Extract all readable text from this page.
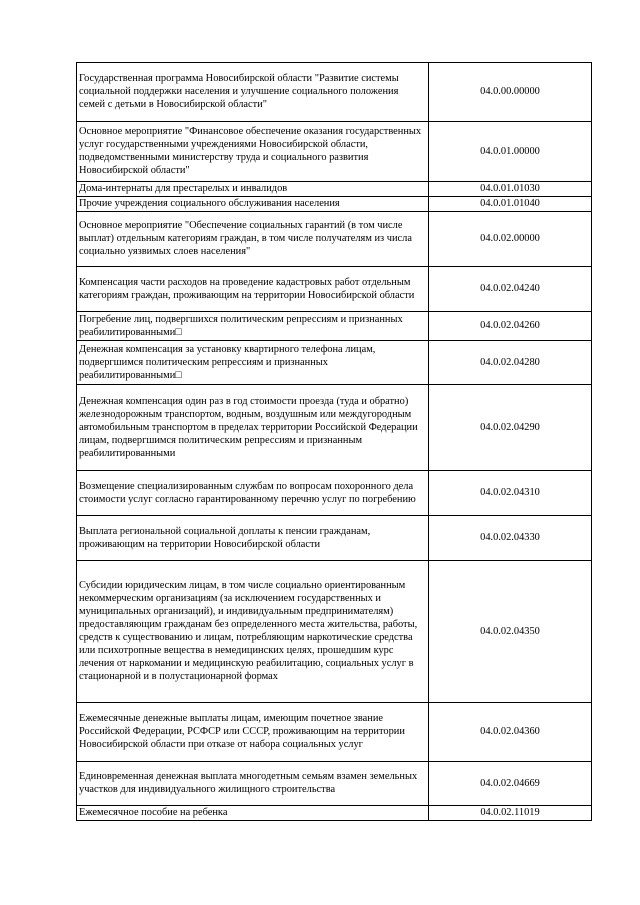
Государственная программа Новосибирской области "Развитие системы социальной поддержки населения и улучшение социального положения семей с детьми в Новосибирской области"	04.0.00.00000
Основное мероприятие "Финансовое обеспечение оказания государственных услуг государственными учреждениями Новосибирской области, подведомственными министерству труда и социального развития Новосибирской области"	04.0.01.00000
Дома-интернаты для престарелых и инвалидов	04.0.01.01030
Прочие учреждения социального обслуживания населения	04.0.01.01040
Основное мероприятие "Обеспечение социальных гарантий (в том числе выплат) отдельным категориям граждан, в том числе получателям из числа социально уязвимых слоев населения"	04.0.02.00000
Компенсация части расходов на проведение кадастровых работ отдельным категориям граждан, проживающим на территории Новосибирской области	04.0.02.04240
Погребение лиц, подвергшихся политическим репрессиям и признанных реабилитированными□	04.0.02.04260
Денежная компенсация за установку квартирного телефона лицам, подвергшимся политическим репрессиям и признанных реабилитированными□	04.0.02.04280
Денежная компенсация один раз в год стоимости проезда (туда и обратно) железнодорожным транспортом, водным, воздушным или междугородным автомобильным транспортом в пределах территории Российской Федерации лицам, подвергшимся политическим репрессиям и признанным реабилитированными	04.0.02.04290
Возмещение специализированным службам по вопросам похоронного дела стоимости услуг согласно гарантированному перечню услуг по погребению	04.0.02.04310
Выплата региональной социальной доплаты к пенсии гражданам, проживающим на территории Новосибирской области	04.0.02.04330
Субсидии юридическим лицам, в том числе социально ориентированным некоммерческим организациям (за исключением государственных и муниципальных организаций), и индивидуальным предпринимателям) предоставляющим гражданам без определенного места жительства, работы, средств к существованию и лицам, потребляющим наркотические средства или психотропные вещества в немедицинских целях, прошедшим курс лечения от наркомании и медицинскую реабилитацию, социальных услуг в стационарной и в полустационарной формах	04.0.02.04350
Ежемесячные денежные выплаты лицам, имеющим почетное звание Российской Федерации, РСФСР или СССР, проживающим на территории Новосибирской области при отказе от набора социальных услуг	04.0.02.04360
Единовременная денежная выплата многодетным семьям взамен земельных участков для индивидуального жилищного строительства	04.0.02.04669
Ежемесячное пособие на ребенка	04.0.02.11019
